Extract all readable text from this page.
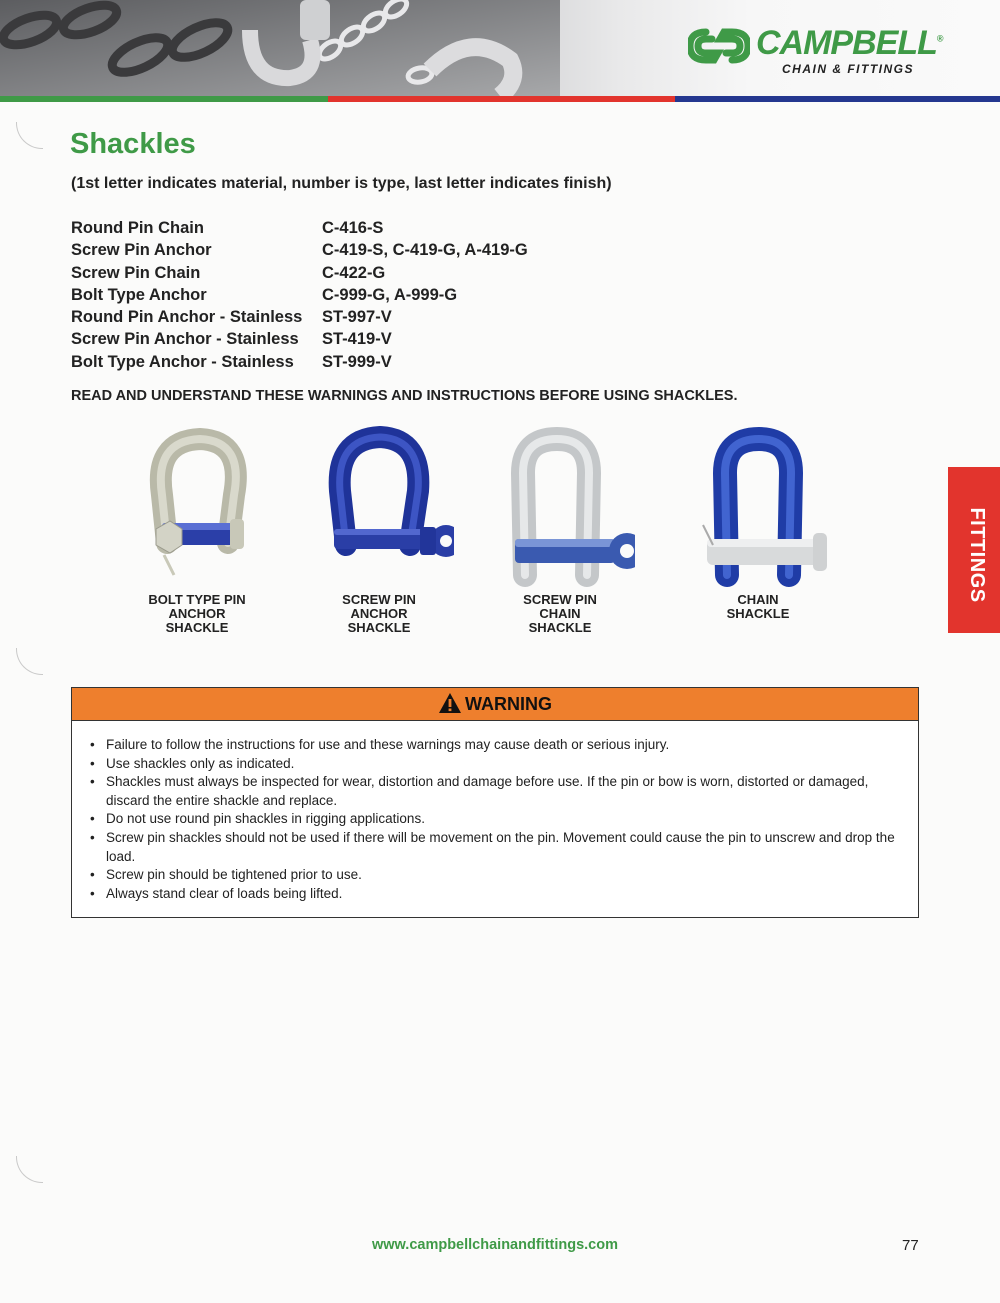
CAMPBELL®
CHAIN & FITTINGS
Shackles
(1st letter indicates material, number is type, last letter indicates finish)
Round Pin Chain	C-416-S
Screw Pin Anchor	C-419-S, C-419-G, A-419-G
Screw Pin Chain	C-422-G
Bolt Type Anchor	C-999-G, A-999-G
Round Pin Anchor - Stainless ST-997-V
Screw Pin Anchor - Stainless ST-419-V
Bolt Type Anchor - Stainless ST-999-V
READ AND UNDERSTAND THESE WARNINGS AND INSTRUCTIONS BEFORE USING SHACKLES.
BOLT TYPE PIN
ANCHOR
SHACKLE
SCREW PIN
ANCHOR
SHACKLE
SCREW PIN
CHAIN
SHACKLE
CHAIN
SHACKLE
FITTINGS
WARNING
• Failure to follow the instructions for use and these warnings may cause death or serious injury.
• Use shackles only as indicated.
• Shackles must always be inspected for wear, distortion and damage before use. If the pin or bow is worn, distorted or damaged, discard the entire shackle and replace.
• Do not use round pin shackles in rigging applications.
• Screw pin shackles should not be used if there will be movement on the pin. Movement could cause the pin to unscrew and drop the load.
• Screw pin should be tightened prior to use.
• Always stand clear of loads being lifted.
www.campbellchainandfittings.com	77
